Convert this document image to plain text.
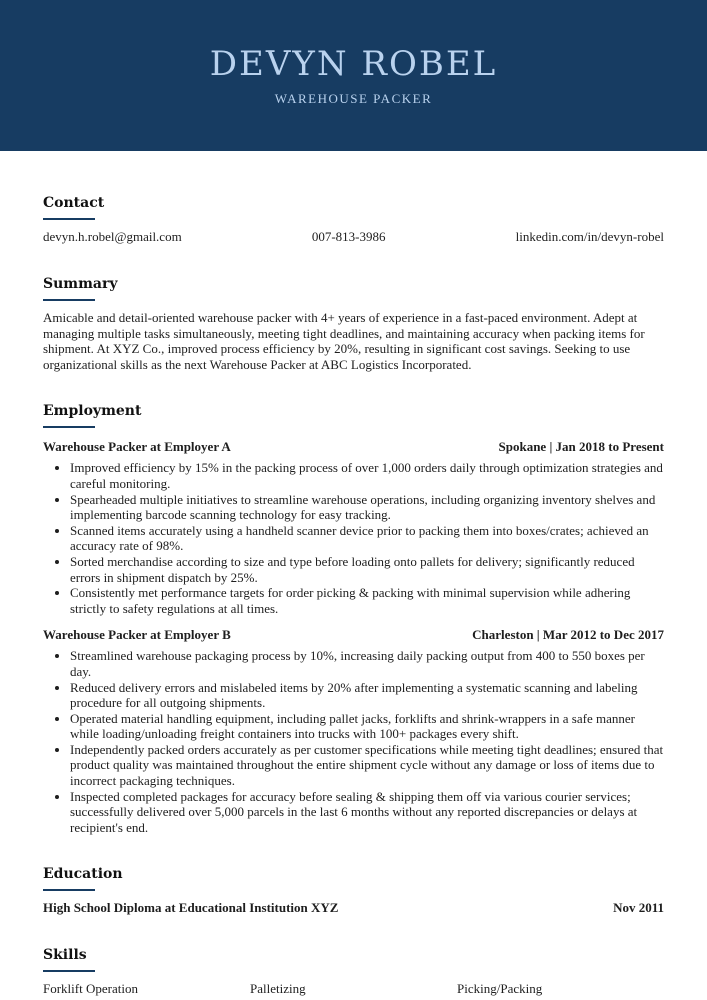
DEVYN ROBEL
WAREHOUSE PACKER
Contact
devyn.h.robel@gmail.com	007-813-3986	linkedin.com/in/devyn-robel
Summary
Amicable and detail-oriented warehouse packer with 4+ years of experience in a fast-paced environment. Adept at managing multiple tasks simultaneously, meeting tight deadlines, and maintaining accuracy when packing items for shipment. At XYZ Co., improved process efficiency by 20%, resulting in significant cost savings. Seeking to use organizational skills as the next Warehouse Packer at ABC Logistics Incorporated.
Employment
Warehouse Packer at Employer A	Spokane | Jan 2018 to Present
• Improved efficiency by 15% in the packing process of over 1,000 orders daily through optimization strategies and careful monitoring.
• Spearheaded multiple initiatives to streamline warehouse operations, including organizing inventory shelves and implementing barcode scanning technology for easy tracking.
• Scanned items accurately using a handheld scanner device prior to packing them into boxes/crates; achieved an accuracy rate of 98%.
• Sorted merchandise according to size and type before loading onto pallets for delivery; significantly reduced errors in shipment dispatch by 25%.
• Consistently met performance targets for order picking & packing with minimal supervision while adhering strictly to safety regulations at all times.
Warehouse Packer at Employer B	Charleston | Mar 2012 to Dec 2017
• Streamlined warehouse packaging process by 10%, increasing daily packing output from 400 to 550 boxes per day.
• Reduced delivery errors and mislabeled items by 20% after implementing a systematic scanning and labeling procedure for all outgoing shipments.
• Operated material handling equipment, including pallet jacks, forklifts and shrink-wrappers in a safe manner while loading/unloading freight containers into trucks with 100+ packages every shift.
• Independently packed orders accurately as per customer specifications while meeting tight deadlines; ensured that product quality was maintained throughout the entire shipment cycle without any damage or loss of items due to incorrect packaging techniques.
• Inspected completed packages for accuracy before sealing & shipping them off via various courier services; successfully delivered over 5,000 parcels in the last 6 months without any reported discrepancies or delays at recipient's end.
Education
High School Diploma at Educational Institution XYZ	Nov 2011
Skills
Forklift Operation	Palletizing	Picking/Packing
